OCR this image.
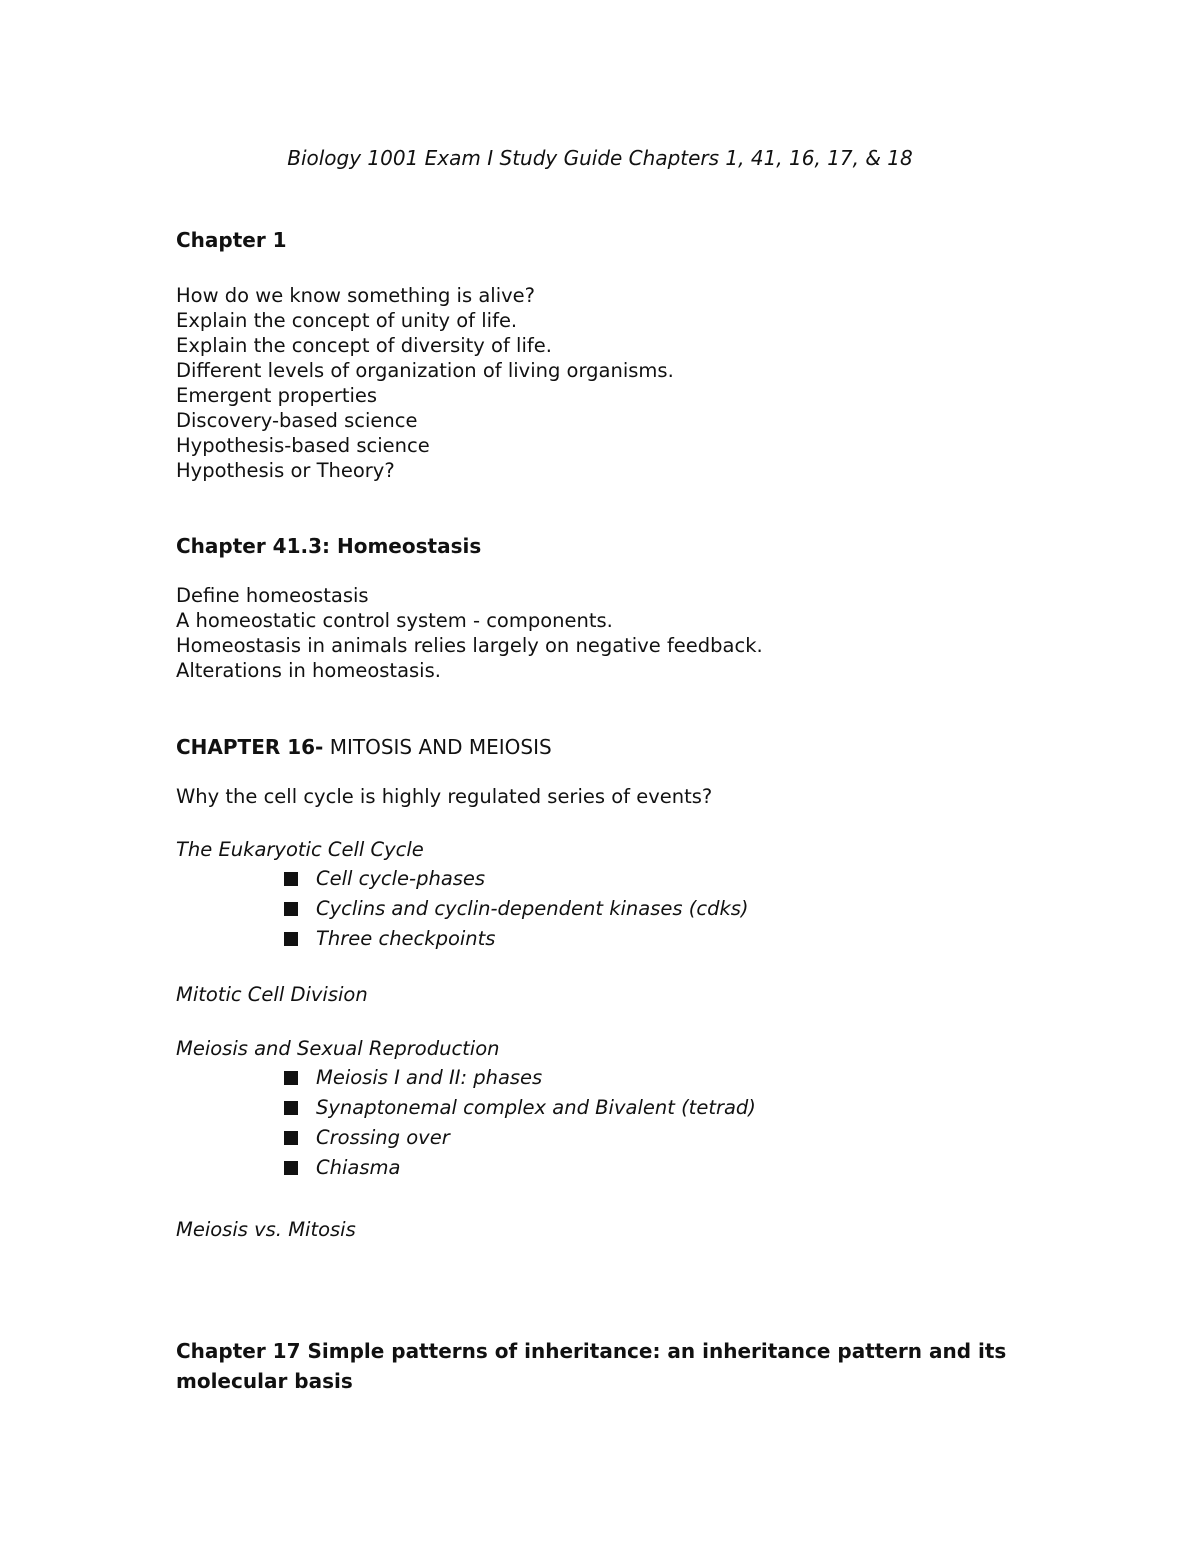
Biology 1001 Exam I Study Guide Chapters 1, 41, 16, 17, & 18
Chapter 1

How do we know something is alive?

Explain the concept of unity of life.

Explain the concept of diversity of life.

Different levels of organization of living organisms.

Emergent properties

Discovery-based science

Hypothesis-based science

Hypothesis or Theory?

Chapter 41.3: Homeostasis

Define homeostasis

A homeostatic control system - components.

Homeostasis in animals relies largely on negative feedback.

Alterations in homeostasis.

CHAPTER 16- MITOSIS AND MEIOSIS

Why the cell cycle is highly regulated series of events?

The Eukaryotic Cell Cycle

Cell cycle-phases
Cyclins and cyclin-dependent kinases (cdks)
Three checkpoints

Mitotic Cell Division

Meiosis and Sexual Reproduction

Meiosis I and II: phases
Synaptonemal complex and Bivalent (tetrad)
Crossing over
Chiasma

Meiosis vs. Mitosis

Chapter 17 Simple patterns of inheritance: an inheritance pattern and its
molecular basis
